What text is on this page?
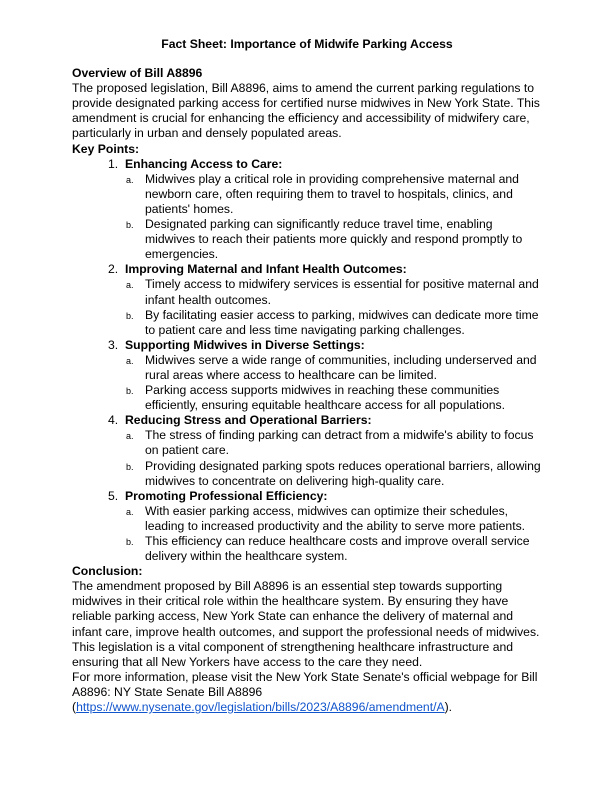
Fact Sheet: Importance of Midwife Parking Access

Overview of Bill A8896

The proposed legislation, Bill A8896, aims to amend the current parking regulations to provide designated parking access for certified nurse midwives in New York State. This amendment is crucial for enhancing the efficiency and accessibility of midwifery care, particularly in urban and densely populated areas.

Key Points:

1. Enhancing Access to Care:
a. Midwives play a critical role in providing comprehensive maternal and newborn care, often requiring them to travel to hospitals, clinics, and patients' homes.
b. Designated parking can significantly reduce travel time, enabling midwives to reach their patients more quickly and respond promptly to emergencies.
2. Improving Maternal and Infant Health Outcomes:
a. Timely access to midwifery services is essential for positive maternal and infant health outcomes.
b. By facilitating easier access to parking, midwives can dedicate more time to patient care and less time navigating parking challenges.
3. Supporting Midwives in Diverse Settings:
a. Midwives serve a wide range of communities, including underserved and rural areas where access to healthcare can be limited.
b. Parking access supports midwives in reaching these communities efficiently, ensuring equitable healthcare access for all populations.
4. Reducing Stress and Operational Barriers:
a. The stress of finding parking can detract from a midwife's ability to focus on patient care.
b. Providing designated parking spots reduces operational barriers, allowing midwives to concentrate on delivering high-quality care.
5. Promoting Professional Efficiency:
a. With easier parking access, midwives can optimize their schedules, leading to increased productivity and the ability to serve more patients.
b. This efficiency can reduce healthcare costs and improve overall service delivery within the healthcare system.

Conclusion:

The amendment proposed by Bill A8896 is an essential step towards supporting midwives in their critical role within the healthcare system. By ensuring they have reliable parking access, New York State can enhance the delivery of maternal and infant care, improve health outcomes, and support the professional needs of midwives. This legislation is a vital component of strengthening healthcare infrastructure and ensuring that all New Yorkers have access to the care they need.

For more information, please visit the New York State Senate's official webpage for Bill A8896: NY State Senate Bill A8896
(https://www.nysenate.gov/legislation/bills/2023/A8896/amendment/A).
